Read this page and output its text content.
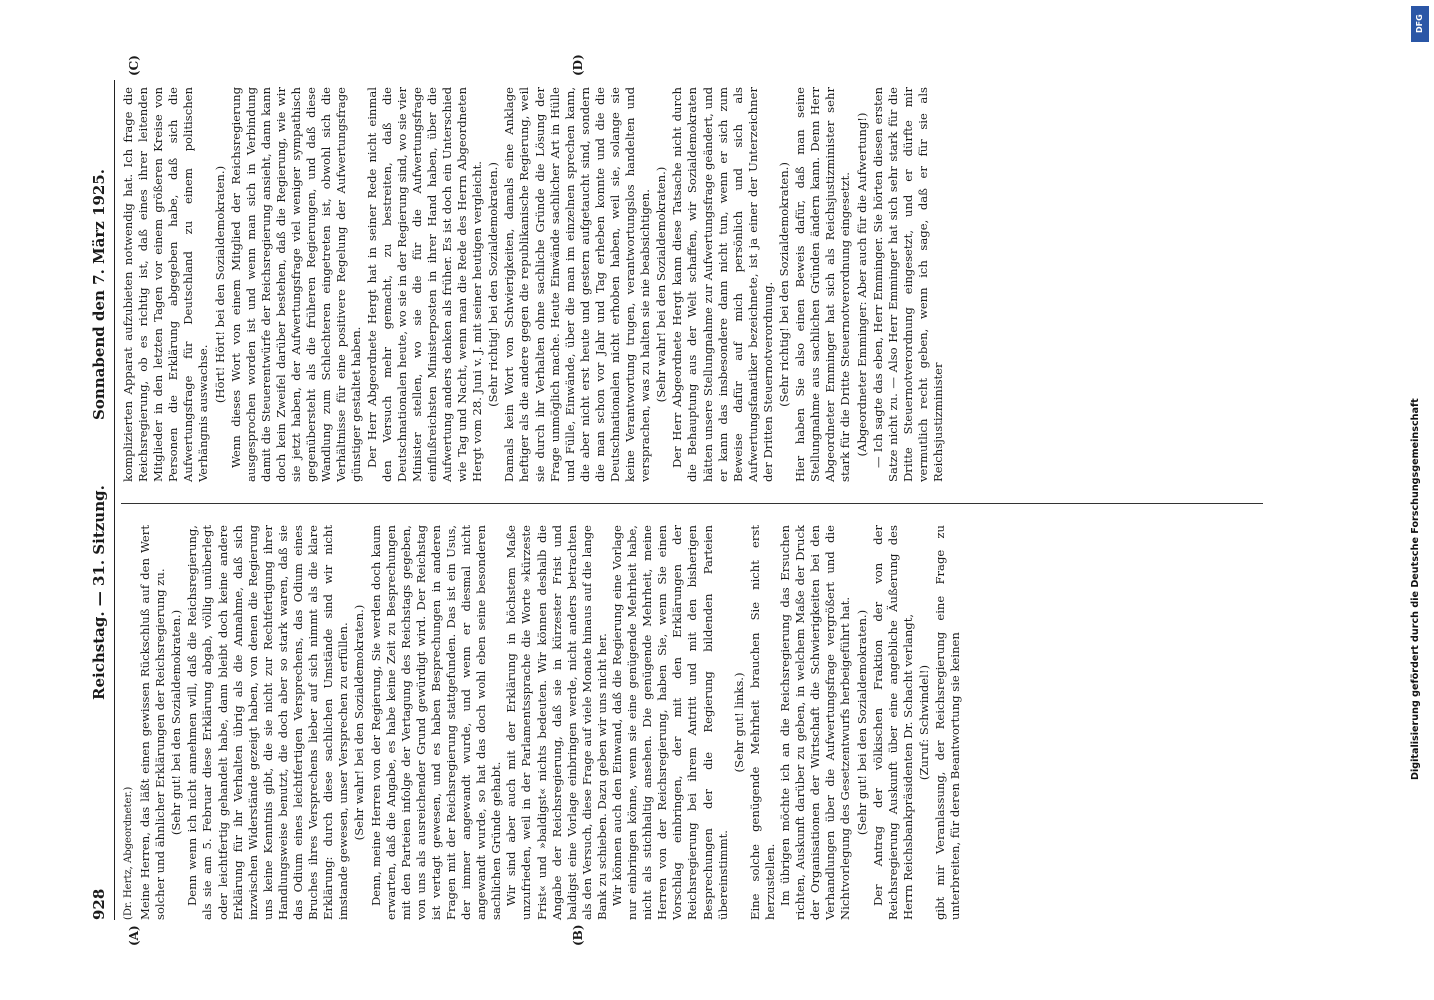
928
Reichstag. — 31. Sitzung.
Sonnabend den 7. März 1925.
(A)	(B)
(C)	(D)

(Dr. Hertz, Abgeordneter.) Meine Herren, das läßt einen gewissen Rückschluß auf den Wert solcher und ähnlicher Erklärungen der Reichsregierung zu. (Sehr gut! bei den Sozialdemokraten.) Denn wenn ich nicht annehmen will, daß die Reichsregierung, als sie am 5. Februar diese Erklärung abgab, völlig unüberlegt oder leichtfertig gehandelt habe, dann bleibt doch keine andere Erklärung für ihr Verhalten übrig als die Annahme, daß sich inzwischen Widerstände gezeigt haben, von denen die Regierung uns keine Kenntnis gibt, die sie nicht zur Rechtfertigung ihrer Handlungsweise benutzt, die doch aber so stark waren, daß sie das Odium eines leichtfertigen Versprechens, das Odium eines Bruches ihres Versprechens lieber auf sich nimmt als die klare Erklärung: durch diese sachlichen Umstände sind wir nicht imstande gewesen, unser Versprechen zu erfüllen. (Sehr wahr! bei den Sozialdemokraten.) Denn, meine Herren von der Regierung, Sie werden doch kaum erwarten, daß die Angabe, es habe keine Zeit zu Besprechungen mit den Parteien infolge der Vertagung des Reichstags gegeben, von uns als ausreichender Grund gewürdigt wird. Der Reichstag ist vertagt gewesen, und es haben Besprechungen in anderen Fragen mit der Reichsregierung stattgefunden. Das ist ein Usus, der immer angewandt wurde, und wenn er diesmal nicht angewandt wurde, so hat das doch wohl eben seine besonderen sachlichen Gründe gehabt. Wir sind aber auch mit der Erklärung in höchstem Maße unzufrieden, weil in der Parlamentssprache die Worte »kürzeste Frist« und »baldigst« nichts bedeuten. Wir können deshalb die Angabe der Reichsregierung, daß sie in kürzester Frist und baldigst eine Vorlage einbringen werde, nicht anders betrachten als den Versuch, diese Frage auf viele Monate hinaus auf die lange Bank zu schieben. Dazu geben wir uns nicht her. Wir können auch den Einwand, daß die Regierung eine Vorlage nur einbringen könne, wenn sie eine genügende Mehrheit habe, nicht als stichhaltig ansehen. Die genügende Mehrheit, meine Herren von der Reichsregierung, haben Sie, wenn Sie einen Vorschlag einbringen, der mit den Erklärungen der Reichsregierung bei ihrem Antritt und mit den bisherigen Besprechungen der die Regierung bildenden Parteien übereinstimmt.

(Sehr gut! links.) Eine solche genügende Mehrheit brauchen Sie nicht erst herzustellen. Im übrigen möchte ich an die Reichsregierung das Ersuchen richten, Auskunft darüber zu geben, in welchem Maße der Druck der Organisationen der Wirtschaft die Schwierigkeiten bei den Verhandlungen über die Aufwertungsfrage vergrößert und die Nichtvorlegung des Gesetzentwurfs herbeigeführt hat. (Sehr gut! bei den Sozialdemokraten.) Der Antrag der völkischen Fraktion der von der Reichsregierung Auskunft über eine angebliche Äußerung des Herrn Reichsbankpräsidenten Dr. Schacht verlangt, (Zuruf: Schwindel!) gibt mir Veranlassung, der Reichsregierung eine Frage zu unterbreiten, für deren Beantwortung sie keinen

komplizierten Apparat aufzubieten notwendig hat. Ich frage die Reichsregierung, ob es richtig ist, daß eines ihrer leitenden Mitglieder in den letzten Tagen vor einem größeren Kreise von Personen die Erklärung abgegeben habe, daß sich die Aufwertungsfrage für Deutschland zu einem politischen Verhängnis auswachse.

(Hört! Hört! bei den Sozialdemokraten.) Wenn dieses Wort von einem Mitglied der Reichsregierung ausgesprochen worden ist und wenn man sich in Verbindung damit die Steuerentwürfe der Reichsregierung ansieht, dann kann doch kein Zweifel darüber bestehen, daß die Regierung, wie wir sie jetzt haben, der Aufwertungsfrage viel weniger sympathisch gegenübersteht als die früheren Regierungen, und daß diese Wandlung zum Schlechteren eingetreten ist, obwohl sich die Verhältnisse für eine positivere Regelung der Aufwertungsfrage günstiger gestaltet haben. Der Herr Abgeordnete Hergt hat in seiner Rede nicht einmal den Versuch mehr gemacht, zu bestreiten, daß die Deutschnationalen heute, wo sie in der Regierung sind, wo sie vier Minister stellen, wo sie die für die Aufwertungsfrage einflußreichsten Ministerposten in ihrer Hand haben, über die Aufwertung anders denken als früher. Es ist doch ein Unterschied wie Tag und Nacht, wenn man die Rede des Herrn Abgeordneten Hergt vom 28. Juni v. J. mit seiner heutigen vergleicht. (Sehr richtig! bei den Sozialdemokraten.) Damals kein Wort von Schwierigkeiten, damals eine Anklage heftiger als die andere gegen die republikanische Regierung, weil sie durch ihr Verhalten ohne sachliche Gründe die Lösung der Frage unmöglich mache. Heute Einwände sachlicher Art in Hülle und Fülle, Einwände, über die man im einzelnen sprechen kann, die aber nicht erst heute und gestern aufgetaucht sind, sondern die man schon vor Jahr und Tag erheben konnte und die die Deutschnationalen nicht erhoben haben, weil sie, solange sie keine Verantwortung trugen, verantwortungslos handelten und versprachen, was zu halten sie nie beabsichtigen. (Sehr wahr! bei den Sozialdemokraten.) Der Herr Abgeordnete Hergt kann diese Tatsache nicht durch die Behauptung aus der Welt schaffen, wir Sozialdemokraten hätten unsere Stellungnahme zur Aufwertungsfrage geändert, und er kann das insbesondere dann nicht tun, wenn er sich zum Beweise dafür auf mich persönlich und sich als Aufwertungsfanatiker bezeichnete, ist ja einer der Unterzeichner der Dritten Steuernotverordnung. (Sehr richtig! bei den Sozialdemokraten.) Hier haben Sie also einen Beweis dafür, daß man seine Stellungnahme aus sachlichen Gründen ändern kann. Denn Herr Abgeordneter Emminger hat sich als Reichsjustizminister sehr stark für die Dritte Steuernotverordnung eingesetzt. (Abgeordneter Emminger: Aber auch für die Aufwertung!) — Ich sagte das eben, Herr Emminger. Sie hörten diesen ersten Satze nicht zu. — Also Herr Emminger hat sich sehr stark für die Dritte Steuernotverordnung eingesetzt, und er dürfte mir vermutlich recht geben, wenn ich sage, daß er für sie als Reichsjustizminister

DFG
Digitalisierung gefördert durch die Deutsche Forschungsgemeinschaft
